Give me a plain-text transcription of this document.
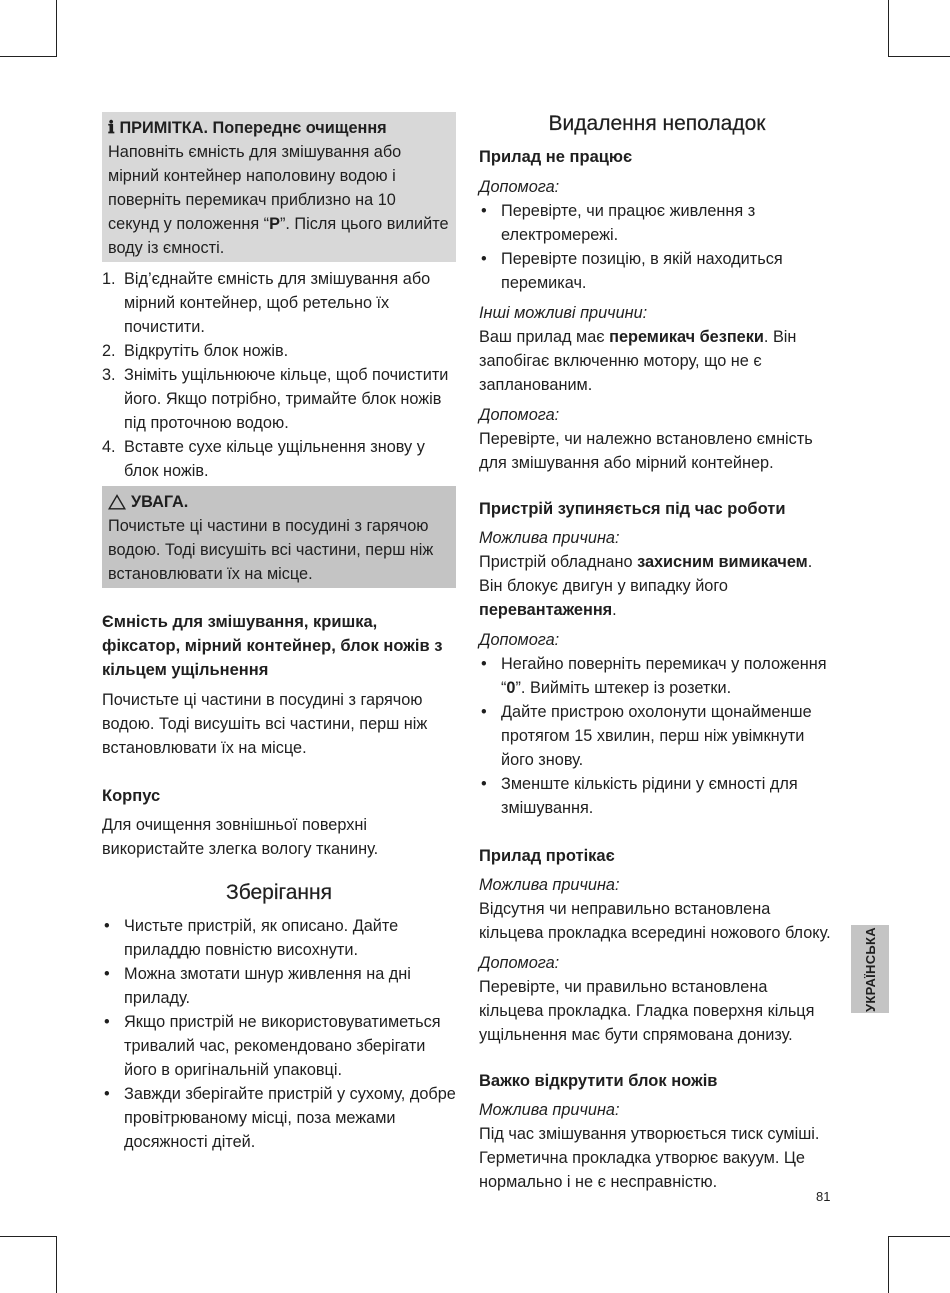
ℹ ПРИМІТКА. Попереднє очищення
Наповніть ємність для змішування або мірний контейнер наполовину водою і поверніть перемикач приблизно на 10 секунд у положення “P”. Після цього вилийте воду із ємності.
1. Від’єднайте ємність для змішування або мірний контейнер, щоб ретельно їх почистити.
2. Відкрутіть блок ножів.
3. Зніміть ущільнююче кільце, щоб почистити його. Якщо потрібно, тримайте блок ножів під проточною водою.
4. Вставте сухе кільце ущільнення знову у блок ножів.
УВАГА.
Почистьте ці частини в посудині з гарячою водою. Тоді висушіть всі частини, перш ніж встановлювати їх на місце.
Ємність для змішування, кришка, фіксатор, мірний контейнер, блок ножів з кільцем ущільнення
Почистьте ці частини в посудині з гарячою водою. Тоді висушіть всі частини, перш ніж встановлювати їх на місце.
Корпус
Для очищення зовнішньої поверхні використайте злегка вологу тканину.
Зберігання
• Чистьте пристрій, як описано. Дайте приладдю повністю висохнути.
• Можна змотати шнур живлення на дні приладу.
• Якщо пристрій не використовуватиметься тривалий час, рекомендовано зберігати його в оригінальній упаковці.
• Завжди зберігайте пристрій у сухому, добре провітрюваному місці, поза межами досяжності дітей.
Видалення неполадок
Прилад не працює
Допомога:
• Перевірте, чи працює живлення з електромережі.
• Перевірте позицію, в якій находиться перемикач.
Інші можливі причини:
Ваш прилад має перемикач безпеки. Він запобігає включенню мотору, що не є запланованим.
Допомога:
Перевірте, чи належно встановлено ємність для змішування або мірний контейнер.
Пристрій зупиняється під час роботи
Можлива причина:
Пристрій обладнано захисним вимикачем. Він блокує двигун у випадку його перевантаження.
Допомога:
• Негайно поверніть перемикач у положення “0”. Вийміть штекер із розетки.
• Дайте пристрою охолонути щонайменше протягом 15 хвилин, перш ніж увімкнути його знову.
• Зменште кількість рідини у ємності для змішування.
Прилад протікає
Можлива причина:
Відсутня чи неправильно встановлена кільцева прокладка всередині ножового блоку.
Допомога:
Перевірте, чи правильно встановлена кільцева прокладка. Гладка поверхня кільця ущільнення має бути спрямована донизу.
Важко відкрутити блок ножів
Можлива причина:
Під час змішування утворюється тиск суміші. Герметична прокладка утворює вакуум. Це нормально і не є несправністю.
УКРАЇНСЬКА
81
